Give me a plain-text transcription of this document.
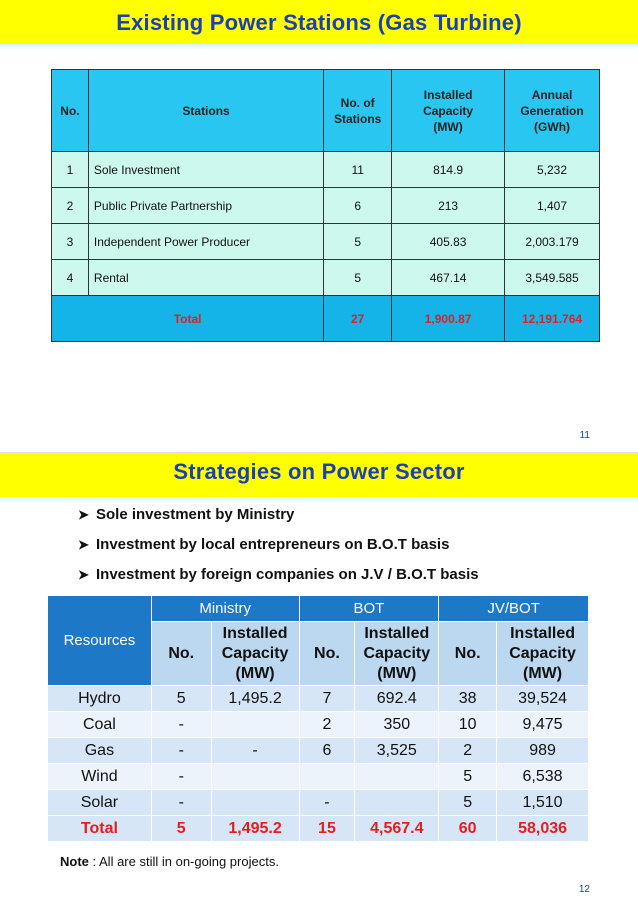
Existing Power Stations (Gas Turbine)
No.	Stations	No. of Stations	Installed Capacity (MW)	Annual Generation (GWh)
1	Sole Investment	11	814.9	5,232
2	Public Private Partnership	6	213	1,407
3	Independent Power Producer	5	405.83	2,003.179
4	Rental	5	467.14	3,549.585
Total		27	1,900.87	12,191.764
11
Strategies on Power Sector
➤ Sole investment by Ministry
➤ Investment by local entrepreneurs on B.O.T basis
➤ Investment by foreign companies on J.V / B.O.T basis
Resources	Ministry		BOT		JV/BOT	
	No.	Installed Capacity (MW)	No.	Installed Capacity (MW)	No.	Installed Capacity (MW)
Hydro	5	1,495.2	7	692.4	38	39,524
Coal	-		2	350	10	9,475
Gas	-	-	6	3,525	2	989
Wind	-				5	6,538
Solar	-		-		5	1,510
Total	5	1,495.2	15	4,567.4	60	58,036
Note : All are still in on-going projects.
12
